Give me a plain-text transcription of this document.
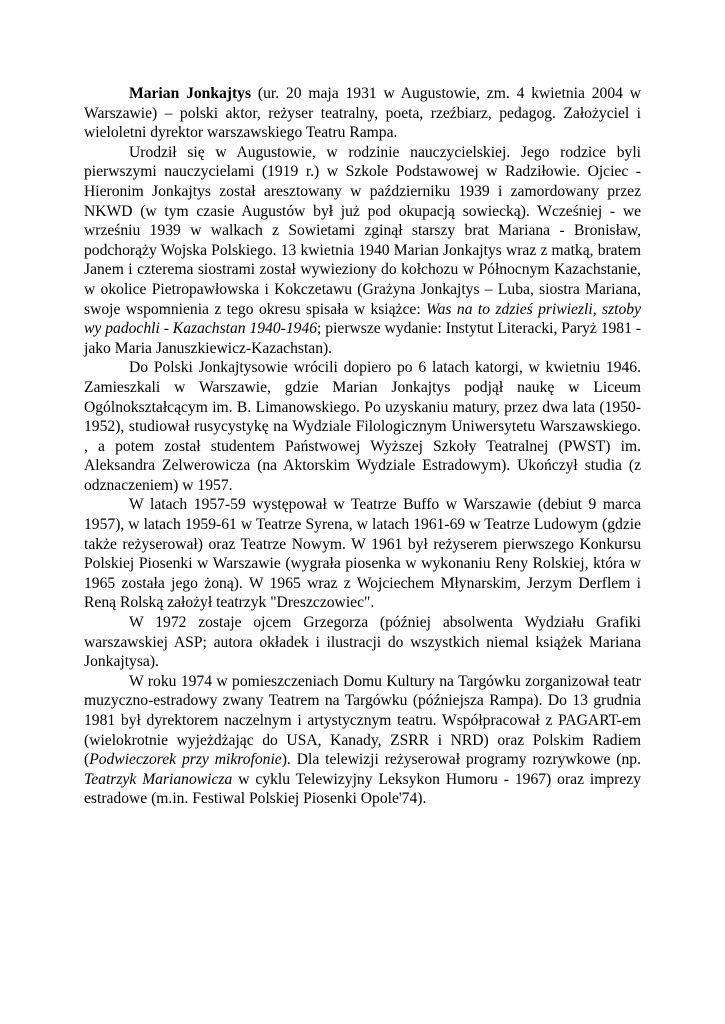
Marian Jonkajtys (ur. 20 maja 1931 w Augustowie, zm. 4 kwietnia 2004 w Warszawie) – polski aktor, reżyser teatralny, poeta, rzeźbiarz, pedagog. Założyciel i wieloletni dyrektor warszawskiego Teatru Rampa.

Urodził się w Augustowie, w rodzinie nauczycielskiej. Jego rodzice byli pierwszymi nauczycielami (1919 r.) w Szkole Podstawowej w Radziłowie. Ojciec - Hieronim Jonkajtys został aresztowany w październiku 1939 i zamordowany przez NKWD (w tym czasie Augustów był już pod okupacją sowiecką). Wcześniej - we wrześniu 1939 w walkach z Sowietami zginął starszy brat Mariana - Bronisław, podchorąży Wojska Polskiego. 13 kwietnia 1940 Marian Jonkajtys wraz z matką, bratem Janem i czterema siostrami został wywieziony do kołchozu w Północnym Kazachstanie, w okolice Pietropawłowska i Kokczetawu (Grażyna Jonkajtys – Luba, siostra Mariana, swoje wspomnienia z tego okresu spisała w książce: Was na to zdzieś priwiezli, sztoby wy padochli - Kazachstan 1940-1946; pierwsze wydanie: Instytut Literacki, Paryż 1981 - jako Maria Januszkiewicz-Kazachstan).

Do Polski Jonkajtysowie wrócili dopiero po 6 latach katorgi, w kwietniu 1946. Zamieszkali w Warszawie, gdzie Marian Jonkajtys podjął naukę w Liceum Ogólnokształcącym im. B. Limanowskiego. Po uzyskaniu matury, przez dwa lata (1950-1952), studiował rusycystykę na Wydziale Filologicznym Uniwersytetu Warszawskiego. , a potem został studentem Państwowej Wyższej Szkoły Teatralnej (PWST) im. Aleksandra Zelwerowicza (na Aktorskim Wydziale Estradowym). Ukończył studia (z odznaczeniem) w 1957.

W latach 1957-59 występował w Teatrze Buffo w Warszawie (debiut 9 marca 1957), w latach 1959-61 w Teatrze Syrena, w latach 1961-69 w Teatrze Ludowym (gdzie także reżyserował) oraz Teatrze Nowym. W 1961 był reżyserem pierwszego Konkursu Polskiej Piosenki w Warszawie (wygrała piosenka w wykonaniu Reny Rolskiej, która w 1965 została jego żoną). W 1965 wraz z Wojciechem Młynarskim, Jerzym Derflem i Reną Rolską założył teatrzyk "Dreszczowiec".

W 1972 zostaje ojcem Grzegorza (później absolwenta Wydziału Grafiki warszawskiej ASP; autora okładek i ilustracji do wszystkich niemal książek Mariana Jonkajtysa).

W roku 1974 w pomieszczeniach Domu Kultury na Targówku zorganizował teatr muzyczno-estradowy zwany Teatrem na Targówku (późniejsza Rampa). Do 13 grudnia 1981 był dyrektorem naczelnym i artystycznym teatru. Współpracował z PAGART-em (wielokrotnie wyjeżdżając do USA, Kanady, ZSRR i NRD) oraz Polskim Radiem (Podwieczorek przy mikrofonie). Dla telewizji reżyserował programy rozrywkowe (np. Teatrzyk Marianowicza w cyklu Telewizyjny Leksykon Humoru - 1967) oraz imprezy estradowe (m.in. Festiwal Polskiej Piosenki Opole'74).
